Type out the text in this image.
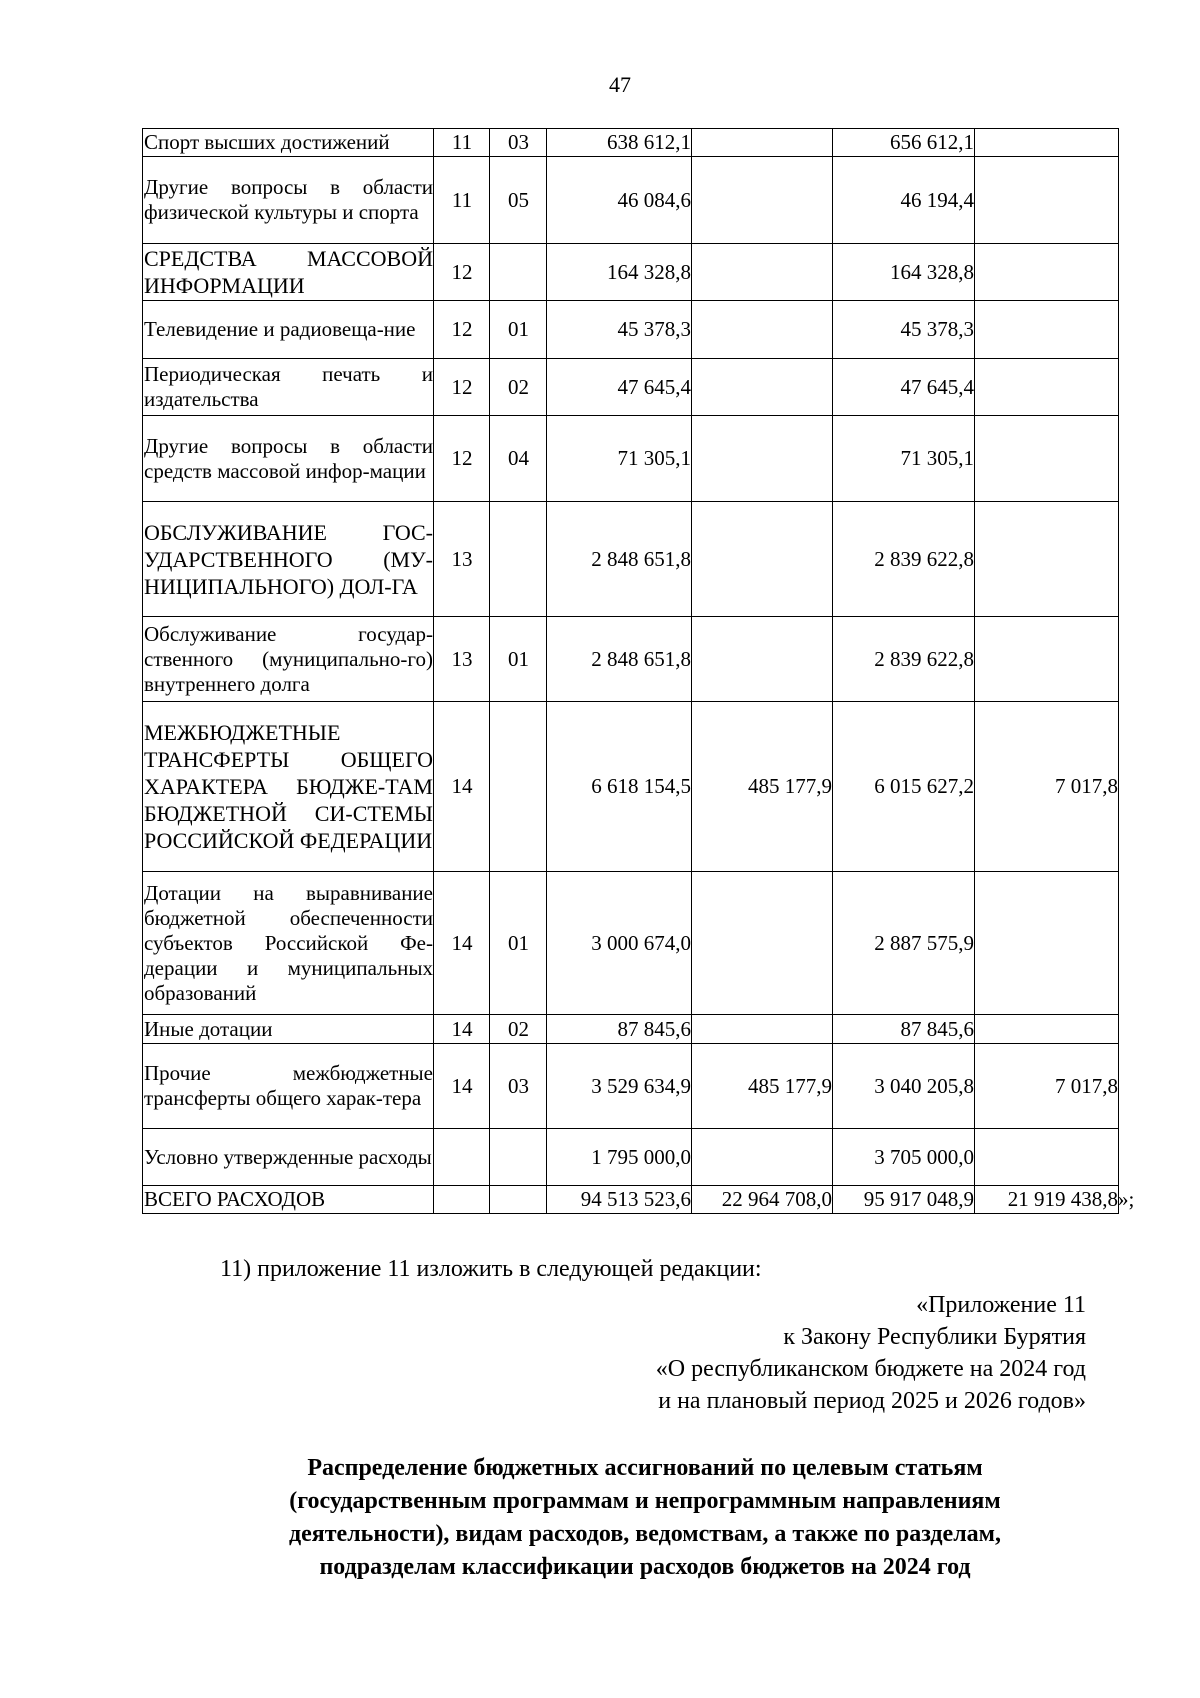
47
Спорт высших достижений	11	03	638 612,1		656 612,1	
Другие вопросы в области физической культуры и спорта	11	05	46 084,6		46 194,4	
СРЕДСТВА МАССОВОЙ ИНФОРМАЦИИ	12		164 328,8		164 328,8	
Телевидение и радиовеща-ние	12	01	45 378,3		45 378,3	
Периодическая печать и издательства	12	02	47 645,4		47 645,4	
Другие вопросы в области средств массовой инфор-мации	12	04	71 305,1		71 305,1	
ОБСЛУЖИВАНИЕ ГОС-УДАРСТВЕННОГО (МУ-НИЦИПАЛЬНОГО) ДОЛ-ГА	13		2 848 651,8		2 839 622,8	
Обслуживание государ-ственного (муниципально-го) внутреннего долга	13	01	2 848 651,8		2 839 622,8	
МЕЖБЮДЖЕТНЫЕ ТРАНСФЕРТЫ ОБЩЕГО ХАРАКТЕРА БЮДЖЕ-ТАМ БЮДЖЕТНОЙ СИ-СТЕМЫ РОССИЙСКОЙ ФЕДЕРАЦИИ	14		6 618 154,5	485 177,9	6 015 627,2	7 017,8
Дотации на выравнивание бюджетной обеспеченности субъектов Российской Фе-дерации и муниципальных образований	14	01	3 000 674,0		2 887 575,9	
Иные дотации	14	02	87 845,6		87 845,6	
Прочие межбюджетные трансферты общего харак-тера	14	03	3 529 634,9	485 177,9	3 040 205,8	7 017,8
Условно утвержденные расходы			1 795 000,0		3 705 000,0	
ВСЕГО РАСХОДОВ			94 513 523,6	22 964 708,0	95 917 048,9	21 919 438,8 »;
11) приложение 11 изложить в следующей редакции:
«Приложение 11
к Закону Республики Бурятия
«О республиканском бюджете на 2024 год
и на плановый период 2025 и 2026 годов»
Распределение бюджетных ассигнований по целевым статьям
(государственным программам и непрограммным направлениям
деятельности), видам расходов, ведомствам, а также по разделам,
подразделам классификации расходов бюджетов на 2024 год
